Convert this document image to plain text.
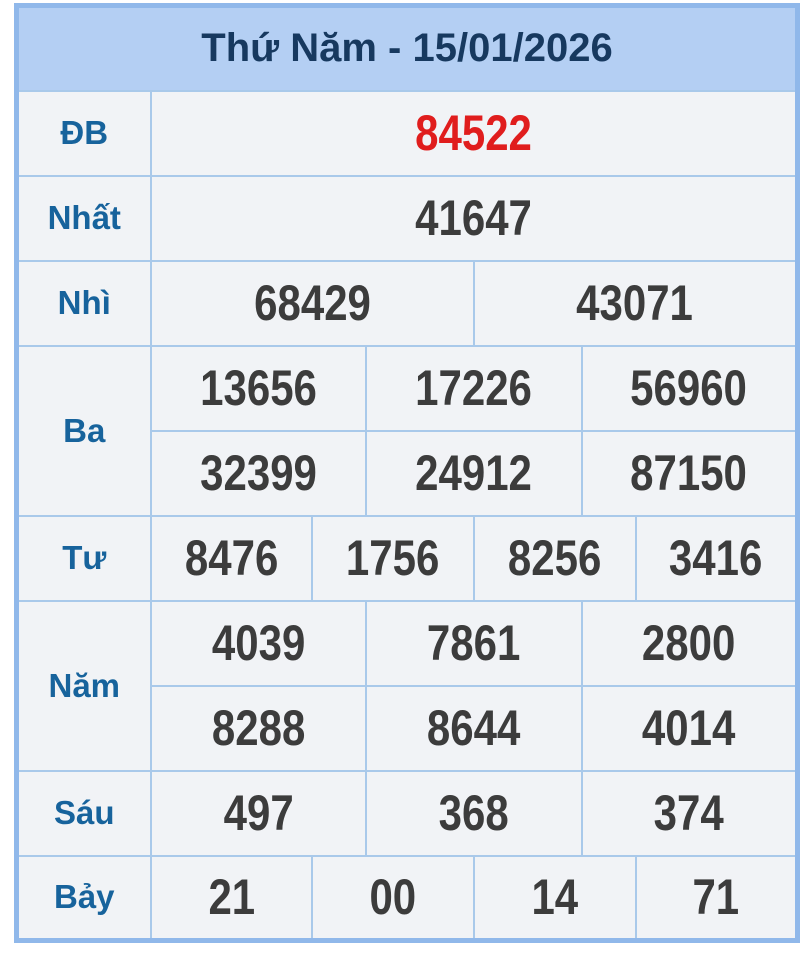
Thứ Năm - 15/01/2026						
ĐB	84522					
Nhất	41647					
Nhì	68429			43071		
Ba	13656		17226		56960	
	32399		24912		87150	
Tư	8476	1756		8256		3416
Năm	4039		7861		2800	
	8288		8644		4014	
Sáu	497		368		374	
Bảy	21	00		14		71
